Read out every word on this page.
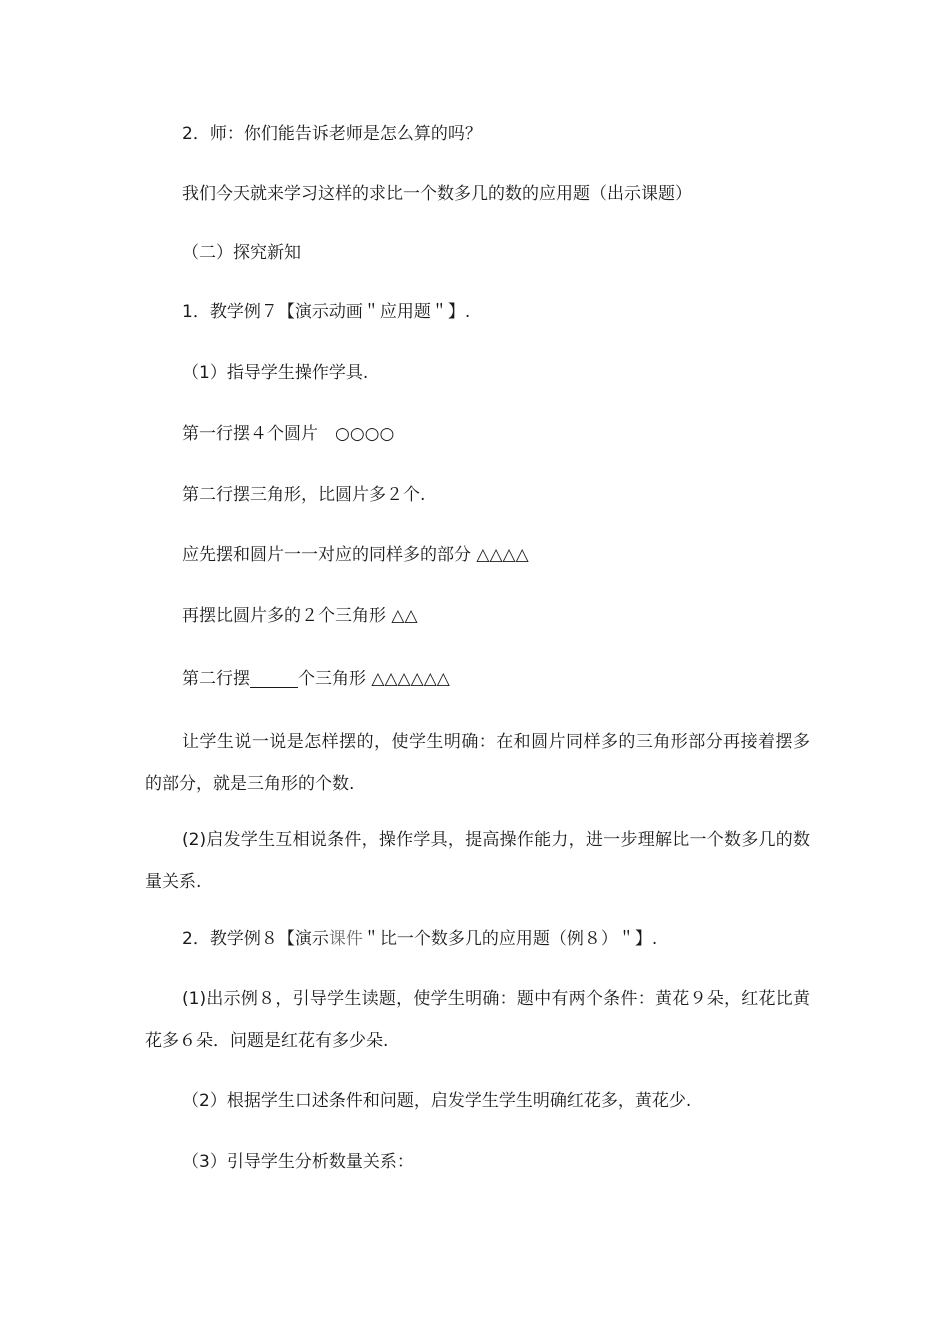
2．师：你们能告诉老师是怎么算的吗？
我们今天就来学习这样的求比一个数多几的数的应用题（出示课题）
（二）探究新知
1．教学例７【演示动画＂应用题＂】.
（1）指导学生操作学具.
第一行摆４个圆片　○○○○
第二行摆三角形，比圆片多２个.
应先摆和圆片一一对应的同样多的部分 △△△△
再摆比圆片多的２个三角形 △△
第二行摆	个三角形 △△△△△△
让学生说一说是怎样摆的，使学生明确：在和圆片同样多的三角形部分再接着摆多的部分，就是三角形的个数.
(2)启发学生互相说条件，操作学具，提高操作能力，进一步理解比一个数多几的数量关系.
2．教学例８【演示课件＂比一个数多几的应用题（例８）＂】.
(1)出示例８，引导学生读题，使学生明确：题中有两个条件：黄花９朵，红花比黄花多６朵．问题是红花有多少朵.
（2）根据学生口述条件和问题，启发学生学生明确红花多，黄花少.
（3）引导学生分析数量关系：
